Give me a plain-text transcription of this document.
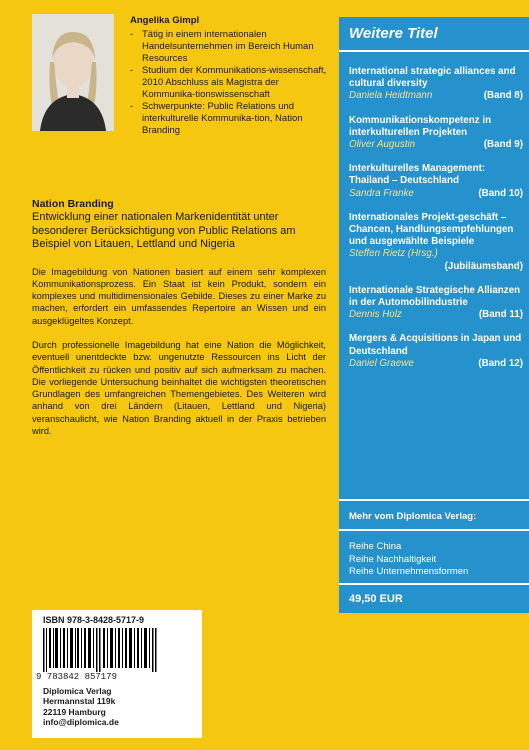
Angelika Gimpl
- Tätig in einem internationalen Handelsunternehmen im Bereich Human Resources
- Studium der Kommunikations-wissenschaft, 2010 Abschluss als Magistra der Kommunika-tionswissenschaft
- Schwerpunkte: Public Relations und interkulturelle Kommunika-tion, Nation Branding
Nation Branding
Entwicklung einer nationalen Markenidentität unter besonderer Berücksichtigung von Public Relations am Beispiel von Litauen, Lettland und Nigeria

Die Imagebildung von Nationen basiert auf einem sehr komplexen Kommunikationsprozess. Ein Staat ist kein Produkt, sondern ein komplexes und multidimensionales Gebilde. Dieses zu einer Marke zu machen, erfordert ein umfassendes Repertoire an Wissen und ein ausgeklügeltes Konzept.

Durch professionelle Imagebildung hat eine Nation die Möglichkeit, eventuell unentdeckte bzw. ungenutzte Ressourcen ins Licht der Öffentlichkeit zu rücken und positiv auf sich aufmerksam zu machen. Die vorliegende Untersuchung beinhaltet die wichtigsten theoretischen Grundlagen des umfangreichen Themengebietes. Des Weiteren wird anhand von drei Ländern (Litauen, Lettland und Nigeria) veranschaulicht, wie Nation Branding aktuell in der Praxis betrieben wird.

ISBN 978-3-8428-5717-9
9 783842 857179
Diplomica Verlag
Hermannstal 119k
22119 Hamburg
info@diplomica.de
Weitere Titel
International strategic alliances and cultural diversity
Daniela Heidtmann	(Band 8)
Kommunikationskompetenz in interkulturellen Projekten
Oliver Augustin	(Band 9)
Interkulturelles Management: Thailand – Deutschland
Sandra Franke	(Band 10)
Internationales Projekt-geschäft – Chancen, Handlungsempfehlungen und ausgewählte Beispiele
Steffen Rietz (Hrsg.)
(Jubiläumsband)
Internationale Strategische Allianzen in der Automobilindustrie
Dennis Holz	(Band 11)
Mergers & Acquisitions in Japan und Deutschland
Daniel Graewe	(Band 12)
Mehr vom Diplomica Verlag:
Reihe China
Reihe Nachhaltigkeit
Reihe Unternehmensformen
49,50 EUR
